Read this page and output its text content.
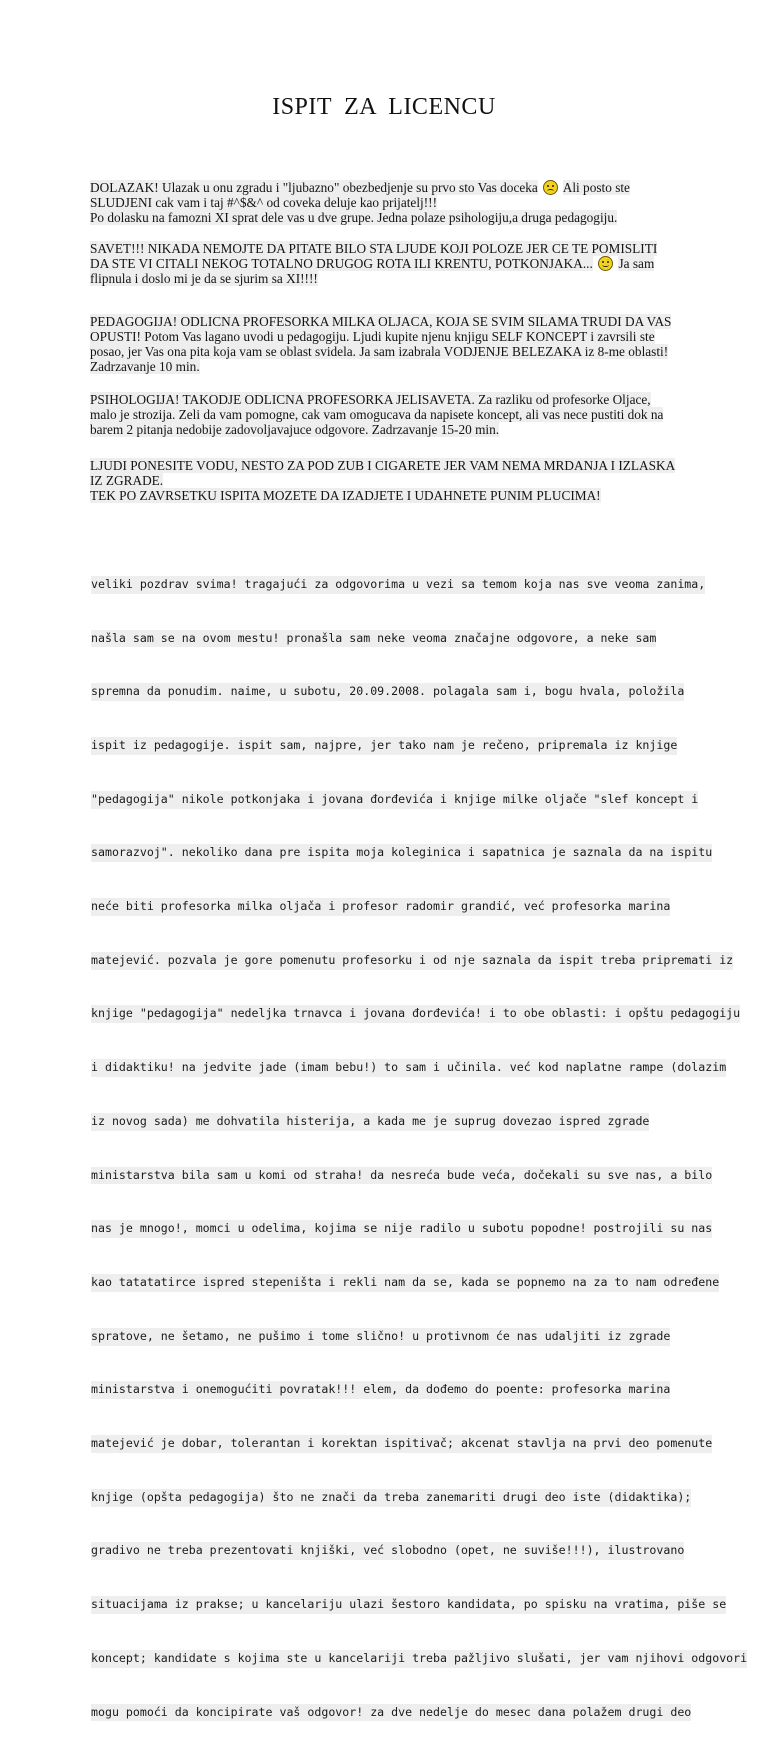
ISPIT ZA LICENCU
DOLAZAK! Ulazak u onu zgradu i "ljubazno" obezbedjenje su prvo sto Vas doceka Ali posto ste SLUDJENI cak vam i taj #^$&^ od coveka deluje kao prijatelj!!!
Po dolasku na famozni XI sprat dele vas u dve grupe. Jedna polaze psihologiju,a druga pedagogiju.
SAVET!!! NIKADA NEMOJTE DA PITATE BILO STA LJUDE KOJI POLOZE JER CE TE POMISLITI DA STE VI CITALI NEKOG TOTALNO DRUGOG ROTA ILI KRENTU, POTKONJAKA... Ja sam flipnula i doslo mi je da se sjurim sa XI!!!!
PEDAGOGIJA! ODLICNA PROFESORKA MILKA OLJACA, KOJA SE SVIM SILAMA TRUDI DA VAS OPUSTI! Potom Vas lagano uvodi u pedagogiju. Ljudi kupite njenu knjigu SELF KONCEPT i zavrsili ste posao, jer Vas ona pita koja vam se oblast svidela. Ja sam izabrala VODJENJE BELEZAKA iz 8-me oblasti! Zadrzavanje 10 min.
PSIHOLOGIJA! TAKODJE ODLICNA PROFESORKA JELISAVETA. Za razliku od profesorke Oljace, malo je strozija. Zeli da vam pomogne, cak vam omogucava da napisete koncept, ali vas nece pustiti dok na barem 2 pitanja nedobije zadovoljavajuce odgovore. Zadrzavanje 15-20 min.
LJUDI PONESITE VODU, NESTO ZA POD ZUB I CIGARETE JER VAM NEMA MRDANJA I IZLASKA IZ ZGRADE.
TEK PO ZAVRSETKU ISPITA MOZETE DA IZADJETE I UDAHNETE PUNIM PLUCIMA!

veliki pozdrav svima! tragajući za odgovorima u vezi sa temom koja nas sve veoma zanima,

našla sam se na ovom mestu! pronašla sam neke veoma značajne odgovore, a neke sam

spremna da ponudim. naime, u subotu, 20.09.2008. polagala sam i, bogu hvala, položila

ispit iz pedagogije. ispit sam, najpre, jer tako nam je rečeno, pripremala iz knjige

"pedagogija" nikole potkonjaka i jovana đorđevića i knjige milke oljače "slef koncept i

samorazvoj". nekoliko dana pre ispita moja koleginica i sapatnica je saznala da na ispitu

neće biti profesorka milka oljača i profesor radomir grandić, već profesorka marina

matejević. pozvala je gore pomenutu profesorku i od nje saznala da ispit treba pripremati iz

knjige "pedagogija" nedeljka trnavca i jovana đorđevića! i to obe oblasti: i opštu pedagogiju

i didaktiku! na jedvite jade (imam bebu!) to sam i učinila. već kod naplatne rampe (dolazim

iz novog sada) me dohvatila histerija, a kada me je suprug dovezao ispred zgrade

ministarstva bila sam u komi od straha! da nesreća bude veća, dočekali su sve nas, a bilo

nas je mnogo!, momci u odelima, kojima se nije radilo u subotu popodne! postrojili su nas

kao tatatatirce ispred stepeništa i rekli nam da se, kada se popnemo na za to nam određene

spratove, ne šetamo, ne pušimo i tome slično! u protivnom će nas udaljiti iz zgrade

ministarstva i onemogućiti povratak!!! elem, da dođemo do poente: profesorka marina

matejević je dobar, tolerantan i korektan ispitivač; akcenat stavlja na prvi deo pomenute

knjige (opšta pedagogija) što ne znači da treba zanemariti drugi deo iste (didaktika);

gradivo ne treba prezentovati knjiški, već slobodno (opet, ne suviše!!!), ilustrovano

situacijama iz prakse; u kancelariju ulazi šestoro kandidata, po spisku na vratima, piše se

koncept; kandidate s kojima ste u kancelariji treba pažljivo slušati, jer vam njihovi odgovori

mogu pomoći da koncipirate vaš odgovor! za dve nedelje do mesec dana polažem drugi deo
